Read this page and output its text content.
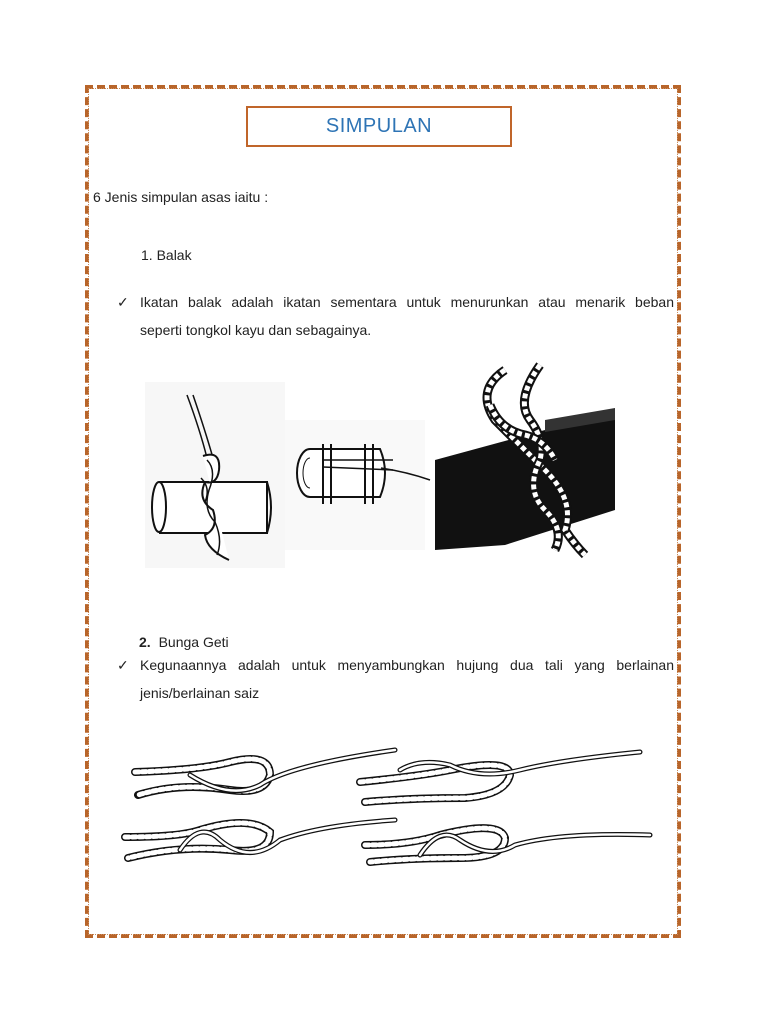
SIMPULAN
6 Jenis simpulan asas iaitu :
1. Balak
✓ Ikatan balak adalah ikatan sementara untuk menurunkan atau menarik beban
seperti tongkol kayu dan sebagainya.
2. Bunga Geti
✓ Kegunaannya adalah untuk menyambungkan hujung dua tali yang berlainan
jenis/berlainan saiz
